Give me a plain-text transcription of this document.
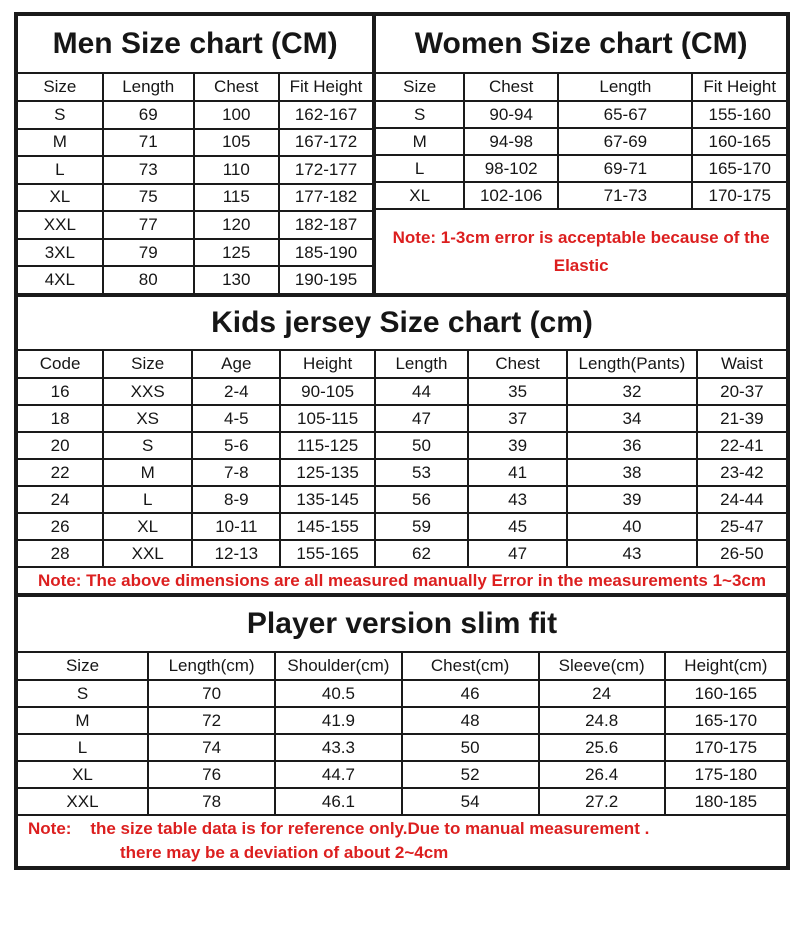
Men Size chart (CM)			
Size	Length	Chest	Fit Height
S	69	100	162-167
M	71	105	167-172
L	73	110	172-177
XL	75	115	177-182
XXL	77	120	182-187
3XL	79	125	185-190
4XL	80	130	190-195
Women Size chart (CM)			
Size	Chest	Length	Fit Height
S	90-94	65-67	155-160
M	94-98	67-69	160-165
L	98-102	69-71	165-170
XL	102-106	71-73	170-175
Note: 1-3cm error is acceptable because of the Elastic			
Kids jersey Size chart (cm)							
Code	Size	Age	Height	Length	Chest	Length(Pants)	Waist
16	XXS	2-4	90-105	44	35	32	20-37
18	XS	4-5	105-115	47	37	34	21-39
20	S	5-6	115-125	50	39	36	22-41
22	M	7-8	125-135	53	41	38	23-42
24	L	8-9	135-145	56	43	39	24-44
26	XL	10-11	145-155	59	45	40	25-47
28	XXL	12-13	155-165	62	47	43	26-50
Note: The above dimensions are all measured manually Error in the measurements 1~3cm							
Player version slim fit					
Size	Length(cm)	Shoulder(cm)	Chest(cm)	Sleeve(cm)	Height(cm)
S	70	40.5	46	24	160-165
M	72	41.9	48	24.8	165-170
L	74	43.3	50	25.6	170-175
XL	76	44.7	52	26.4	175-180
XXL	78	46.1	54	27.2	180-185

Note:    the size table data is for reference only.Due to manual measurement .
there may be a deviation of about 2~4cm					
